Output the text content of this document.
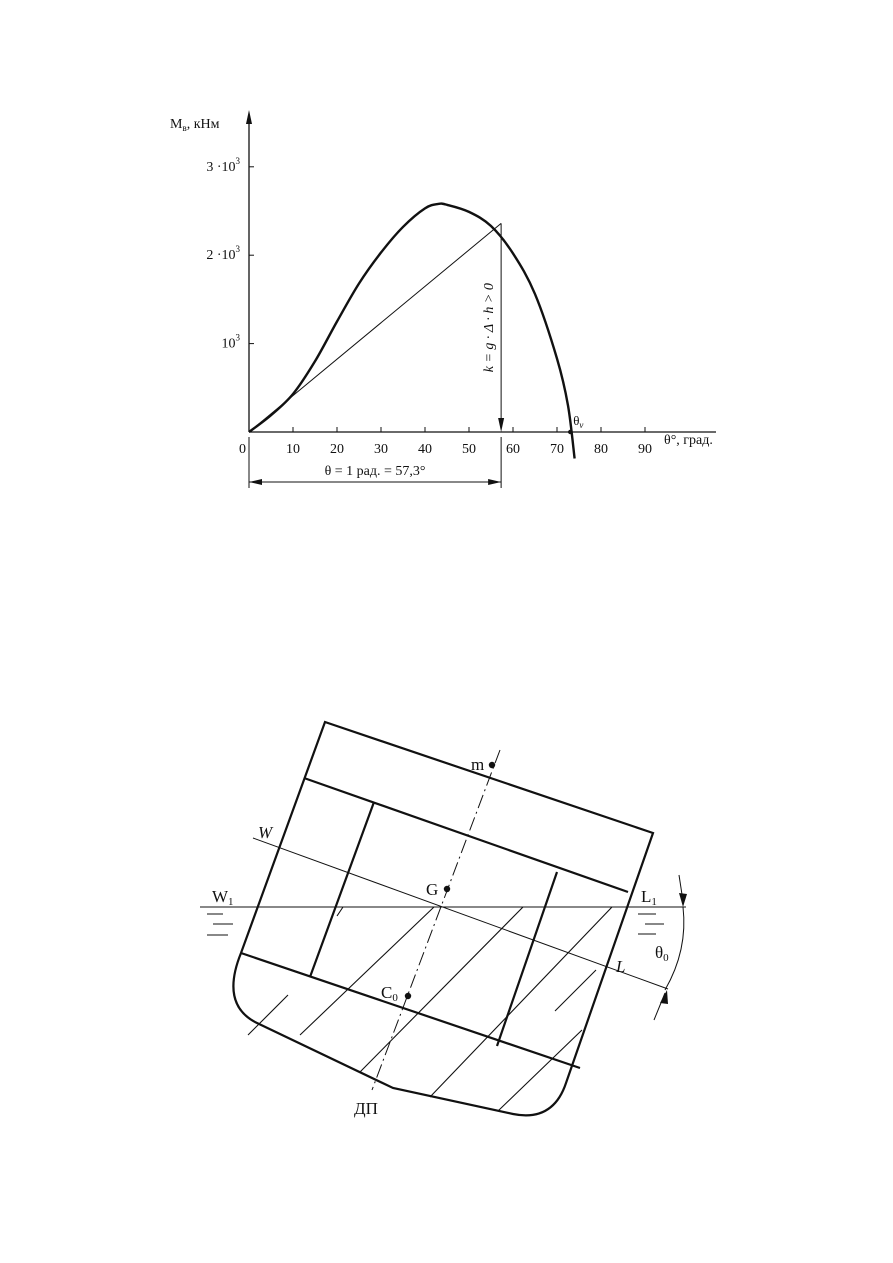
10 20 30 40 50 60 70 80 90
$10^3$
$2 \cdot 10^3$
$3 \cdot 10^3$
$M_в$, кНм
θ°, град.
0
k = g · Δ · h > 0
$\theta_v$
θ = 1 рад. = 57,3°
m
W
W1	L1
L
G
C0
ДП
θ0
